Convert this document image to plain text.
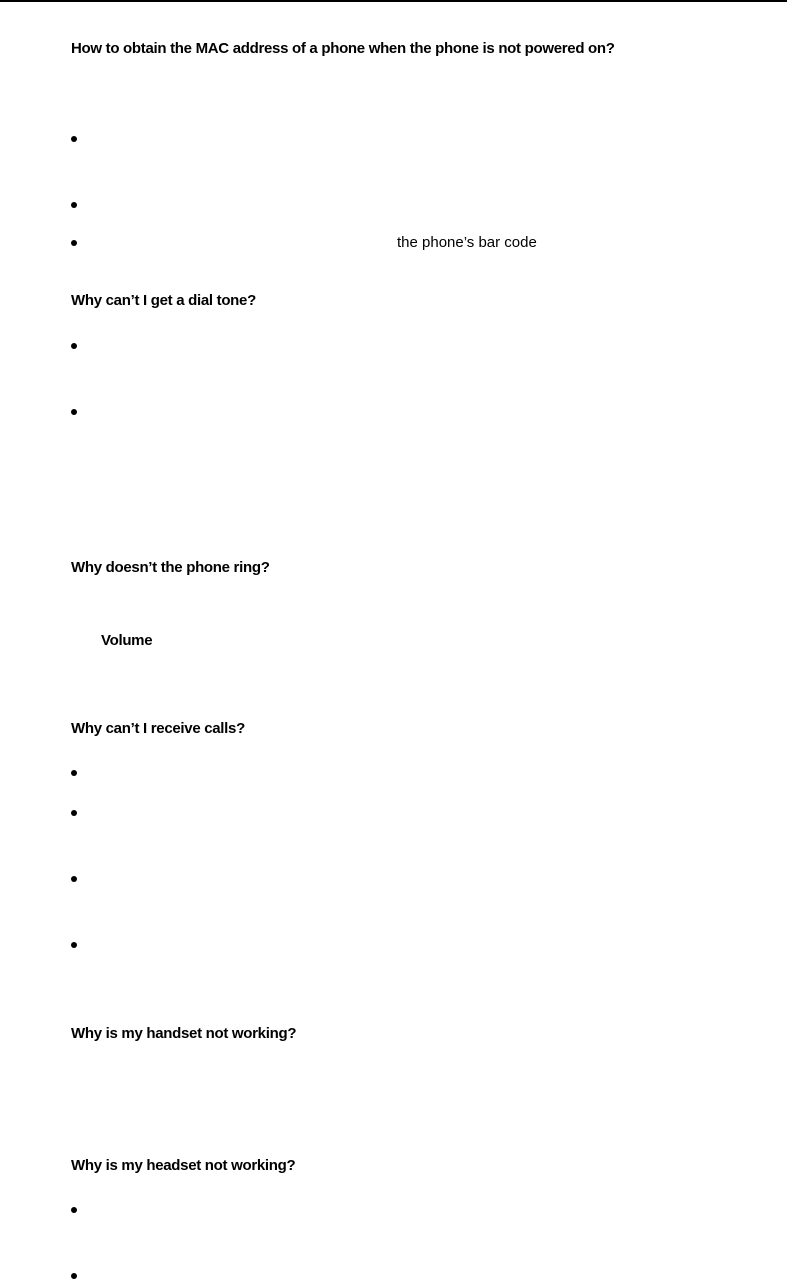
How to obtain the MAC address of a phone when the phone is not powered on?
the phone’s bar code
Why can’t I get a dial tone?
Why doesn’t the phone ring?
Volume
Why can’t I receive calls?
Why is my handset not working?
Why is my headset not working?
